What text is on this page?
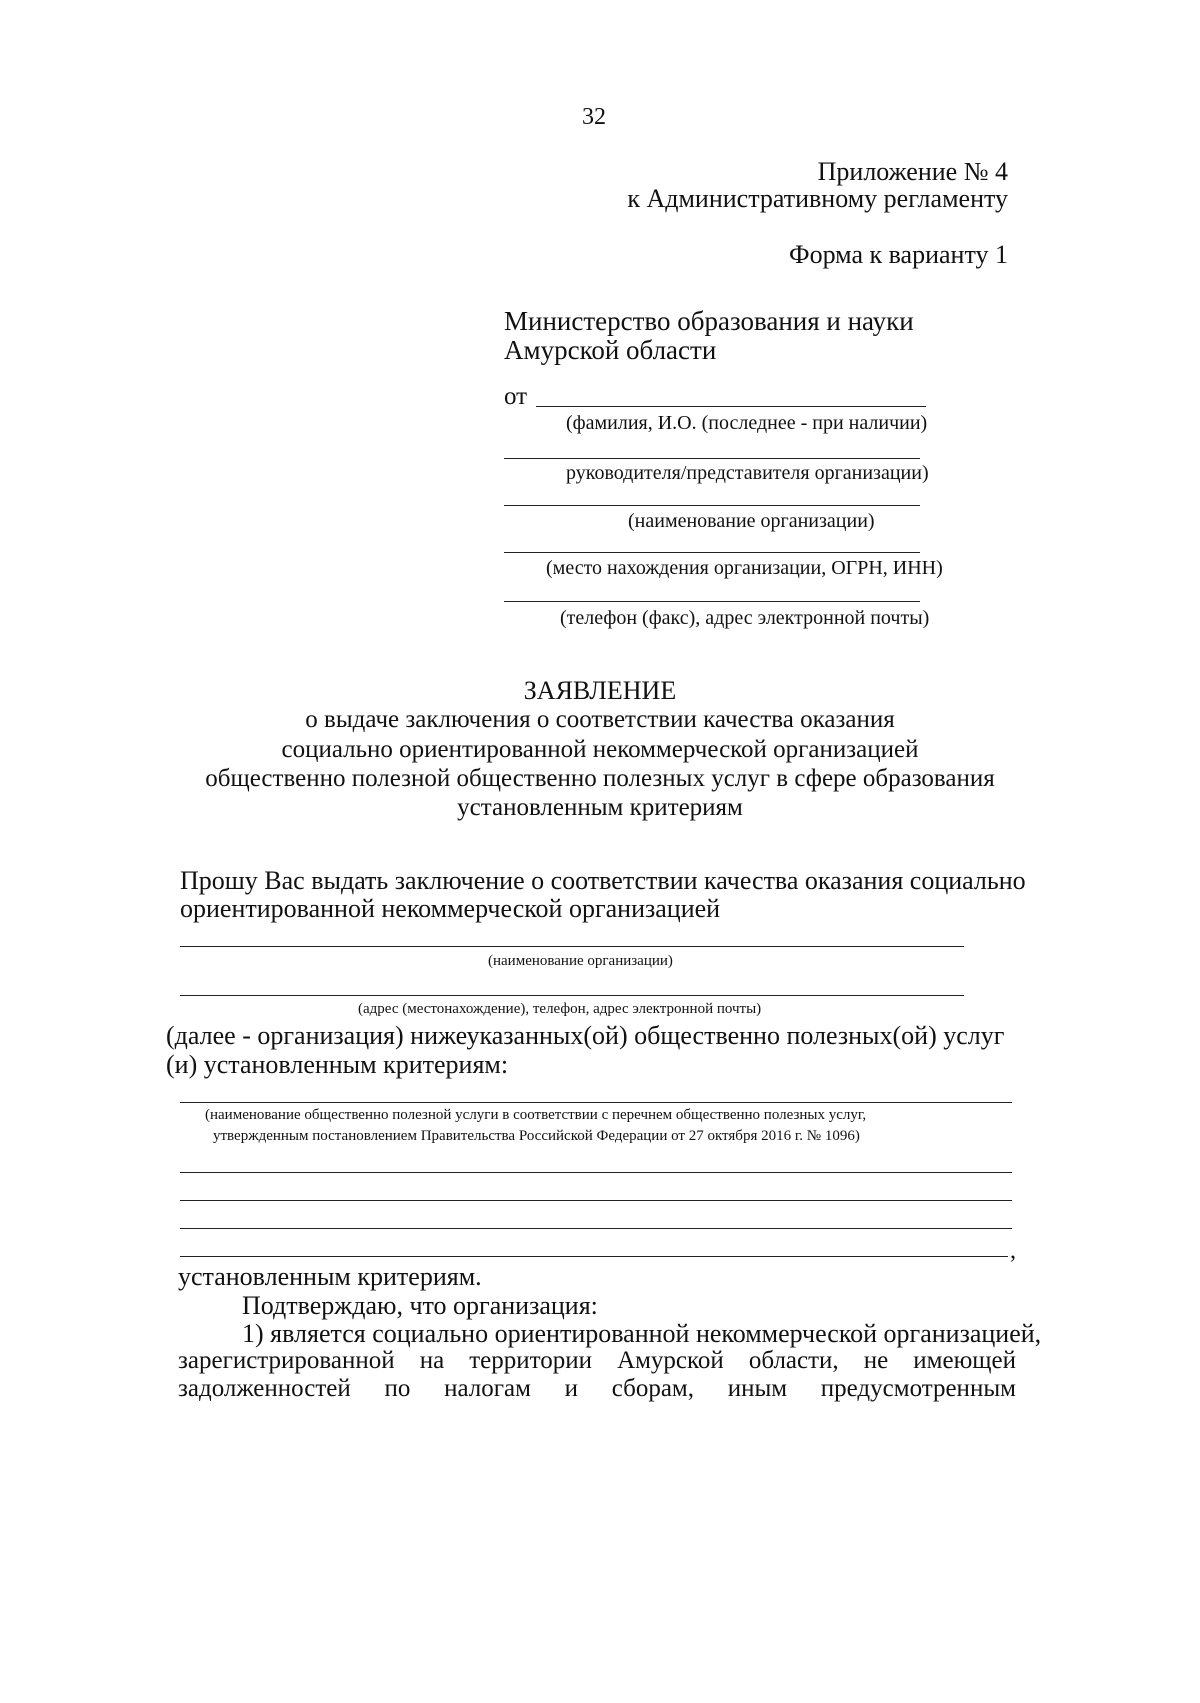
32
Приложение № 4
к Административному регламенту
Форма к варианту 1
Министерство образования и науки
Амурской области
от
(фамилия, И.О. (последнее - при наличии)
руководителя/представителя организации)
(наименование организации)
(место нахождения организации, ОГРН, ИНН)
(телефон (факс), адрес электронной почты)
ЗАЯВЛЕНИЕ
о выдаче заключения о соответствии качества оказания
социально ориентированной некоммерческой организацией
общественно полезной общественно полезных услуг в сфере образования
установленным критериям
Прошу Вас выдать заключение о соответствии качества оказания социально
ориентированной некоммерческой организацией
(наименование организации)
(адрес (местонахождение), телефон, адрес электронной почты)
(далее - организация) нижеуказанных(ой) общественно полезных(ой) услуг
(и) установленным критериям:
(наименование общественно полезной услуги в соответствии с перечнем общественно полезных услуг,
утвержденным постановлением Правительства Российской Федерации от 27 октября 2016 г. № 1096)
,
установленным критериям.
Подтверждаю, что организация:
1) является социально ориентированной некоммерческой организацией,
зарегистрированной на территории Амурской области, не имеющей
задолженностей по налогам и сборам, иным предусмотренным
